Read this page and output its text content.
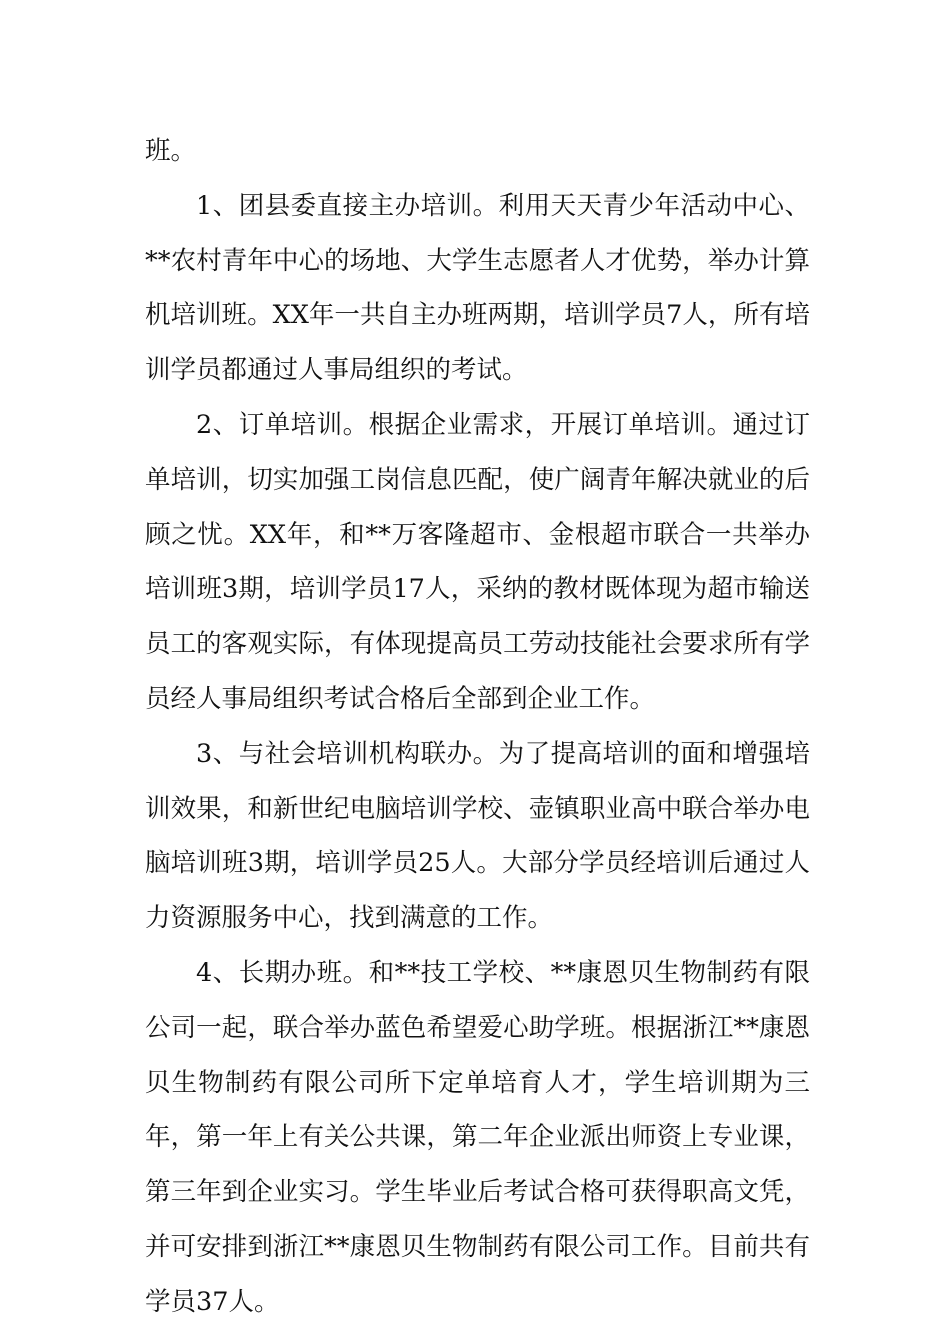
班。

1、团县委直接主办培训。利用天天青少年活动中心、**农村青年中心的场地、大学生志愿者人才优势，举办计算机培训班。XX年一共自主办班两期，培训学员7人，所有培训学员都通过人事局组织的考试。

2、订单培训。根据企业需求，开展订单培训。通过订单培训，切实加强工岗信息匹配，使广阔青年解决就业的后顾之忧。XX年，和**万客隆超市、金根超市联合一共举办培训班3期，培训学员17人，采纳的教材既体现为超市输送员工的客观实际，有体现提高员工劳动技能社会要求所有学员经人事局组织考试合格后全部到企业工作。

3、与社会培训机构联办。为了提高培训的面和增强培训效果，和新世纪电脑培训学校、壶镇职业高中联合举办电脑培训班3期，培训学员25人。大部分学员经培训后通过人力资源服务中心，找到满意的工作。

4、长期办班。和**技工学校、**康恩贝生物制药有限公司一起，联合举办蓝色希望爱心助学班。根据浙江**康恩贝生物制药有限公司所下定单培育人才，学生培训期为三年，第一年上有关公共课，第二年企业派出师资上专业课，第三年到企业实习。学生毕业后考试合格可获得职高文凭，并可安排到浙江**康恩贝生物制药有限公司工作。目前共有学员37人。
